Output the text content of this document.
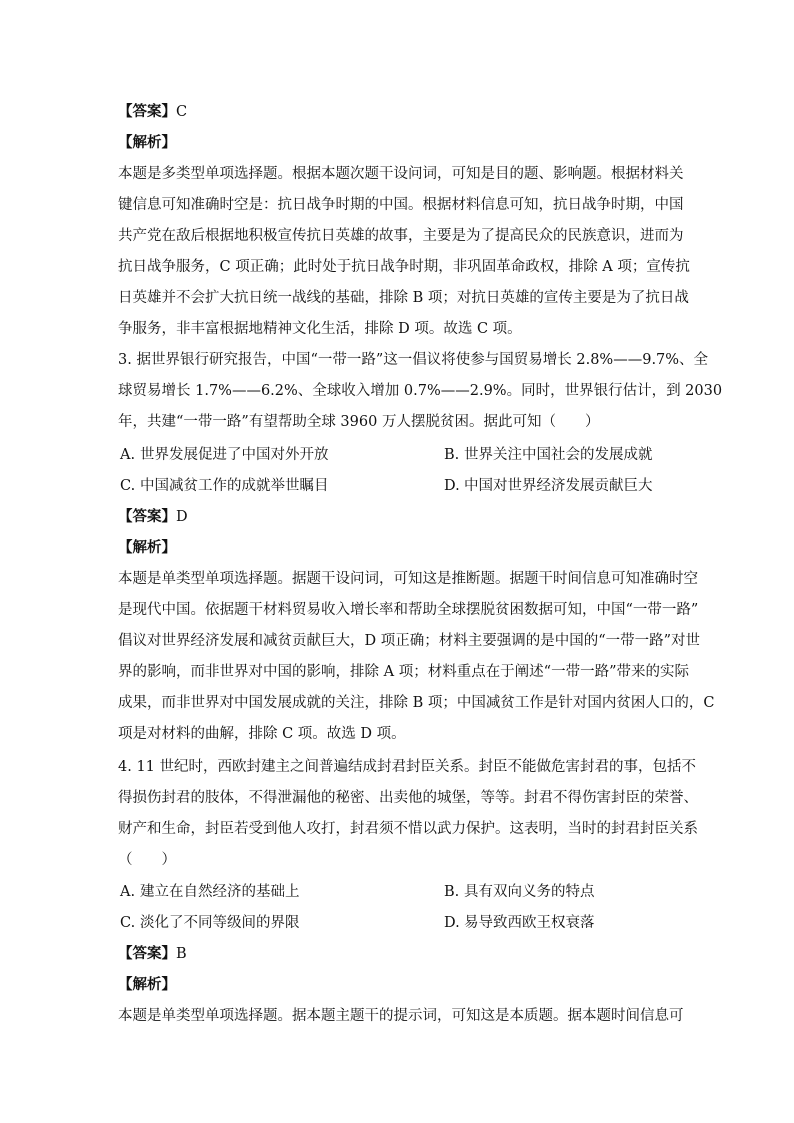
【答案】C
【解析】
本题是多类型单项选择题。根据本题次题干设问词，可知是目的题、影响题。根据材料关
键信息可知准确时空是：抗日战争时期的中国。根据材料信息可知，抗日战争时期，中国
共产党在敌后根据地积极宣传抗日英雄的故事，主要是为了提高民众的民族意识，进而为
抗日战争服务，C 项正确；此时处于抗日战争时期，非巩固革命政权，排除 A 项；宣传抗
日英雄并不会扩大抗日统一战线的基础，排除 B 项；对抗日英雄的宣传主要是为了抗日战
争服务，非丰富根据地精神文化生活，排除 D 项。故选 C 项。
3. 据世界银行研究报告，中国“一带一路”这一倡议将使参与国贸易增长 2.8%——9.7%、全
球贸易增长 1.7%——6.2%、全球收入增加 0.7%——2.9%。同时，世界银行估计，到 2030
年，共建“一带一路”有望帮助全球 3960 万人摆脱贫困。据此可知（　　）
A. 世界发展促进了中国对外开放	B. 世界关注中国社会的发展成就
C. 中国减贫工作的成就举世瞩目	D. 中国对世界经济发展贡献巨大
【答案】D
【解析】
本题是单类型单项选择题。据题干设问词，可知这是推断题。据题干时间信息可知准确时空
是现代中国。依据题干材料贸易收入增长率和帮助全球摆脱贫困数据可知，中国“一带一路”
倡议对世界经济发展和减贫贡献巨大，D 项正确；材料主要强调的是中国的“一带一路”对世
界的影响，而非世界对中国的影响，排除 A 项；材料重点在于阐述“一带一路”带来的实际
成果，而非世界对中国发展成就的关注，排除 B 项；中国减贫工作是针对国内贫困人口的，C
项是对材料的曲解，排除 C 项。故选 D 项。
4. 11 世纪时，西欧封建主之间普遍结成封君封臣关系。封臣不能做危害封君的事，包括不
得损伤封君的肢体，不得泄漏他的秘密、出卖他的城堡，等等。封君不得伤害封臣的荣誉、
财产和生命，封臣若受到他人攻打，封君须不惜以武力保护。这表明，当时的封君封臣关系
（　　）
A. 建立在自然经济的基础上	B. 具有双向义务的特点
C. 淡化了不同等级间的界限	D. 易导致西欧王权衰落
【答案】B
【解析】
本题是单类型单项选择题。据本题主题干的提示词，可知这是本质题。据本题时间信息可
